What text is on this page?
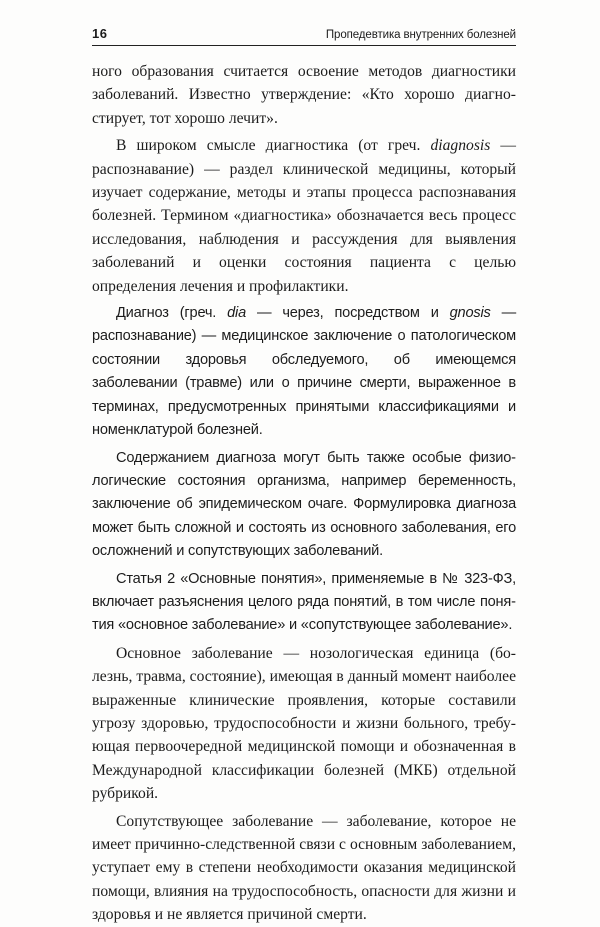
16	Пропедевтика внутренних болезней

ного образования считается освоение методов диагностики заболеваний. Известно утверждение: «Кто хорошо диагностирует, тот хорошо лечит».

В широком смысле диагностика (от греч. diagnosis — распознавание) — раздел клинической медицины, который изучает содержание, методы и этапы процесса распознавания болезней. Термином «диагностика» обозначается весь процесс исследования, наблюдения и рассуждения для выявления заболеваний и оценки состояния пациента с целью определения лечения и профилактики.

Диагноз (греч. dia — через, посредством и gnosis — распознавание) — медицинское заключение о патологическом состоянии здоровья обследуемого, об имеющемся заболевании (травме) или о причине смерти, выраженное в терминах, предусмотренных принятыми классификациями и номенклатурой болезней.

Содержанием диагноза могут быть также особые физиологические состояния организма, например беременность, заключение об эпидемическом очаге. Формулировка диагноза может быть сложной и состоять из основного заболевания, его осложнений и сопутствующих заболеваний.

Статья 2 «Основные понятия», применяемые в № 323-ФЗ, включает разъяснения целого ряда понятий, в том числе понятия «основное заболевание» и «сопутствующее заболевание».

Основное заболевание — нозологическая единица (болезнь, травма, состояние), имеющая в данный момент наиболее выраженные клинические проявления, которые составили угрозу здоровью, трудоспособности и жизни больного, требующая первоочередной медицинской помощи и обозначенная в Международной классификации болезней (МКБ) отдельной рубрикой.

Сопутствующее заболевание — заболевание, которое не имеет причинно-следственной связи с основным заболеванием, уступает ему в степени необходимости оказания медицинской помощи, влияния на трудоспособность, опасности для жизни и здоровья и не является причиной смерти.
